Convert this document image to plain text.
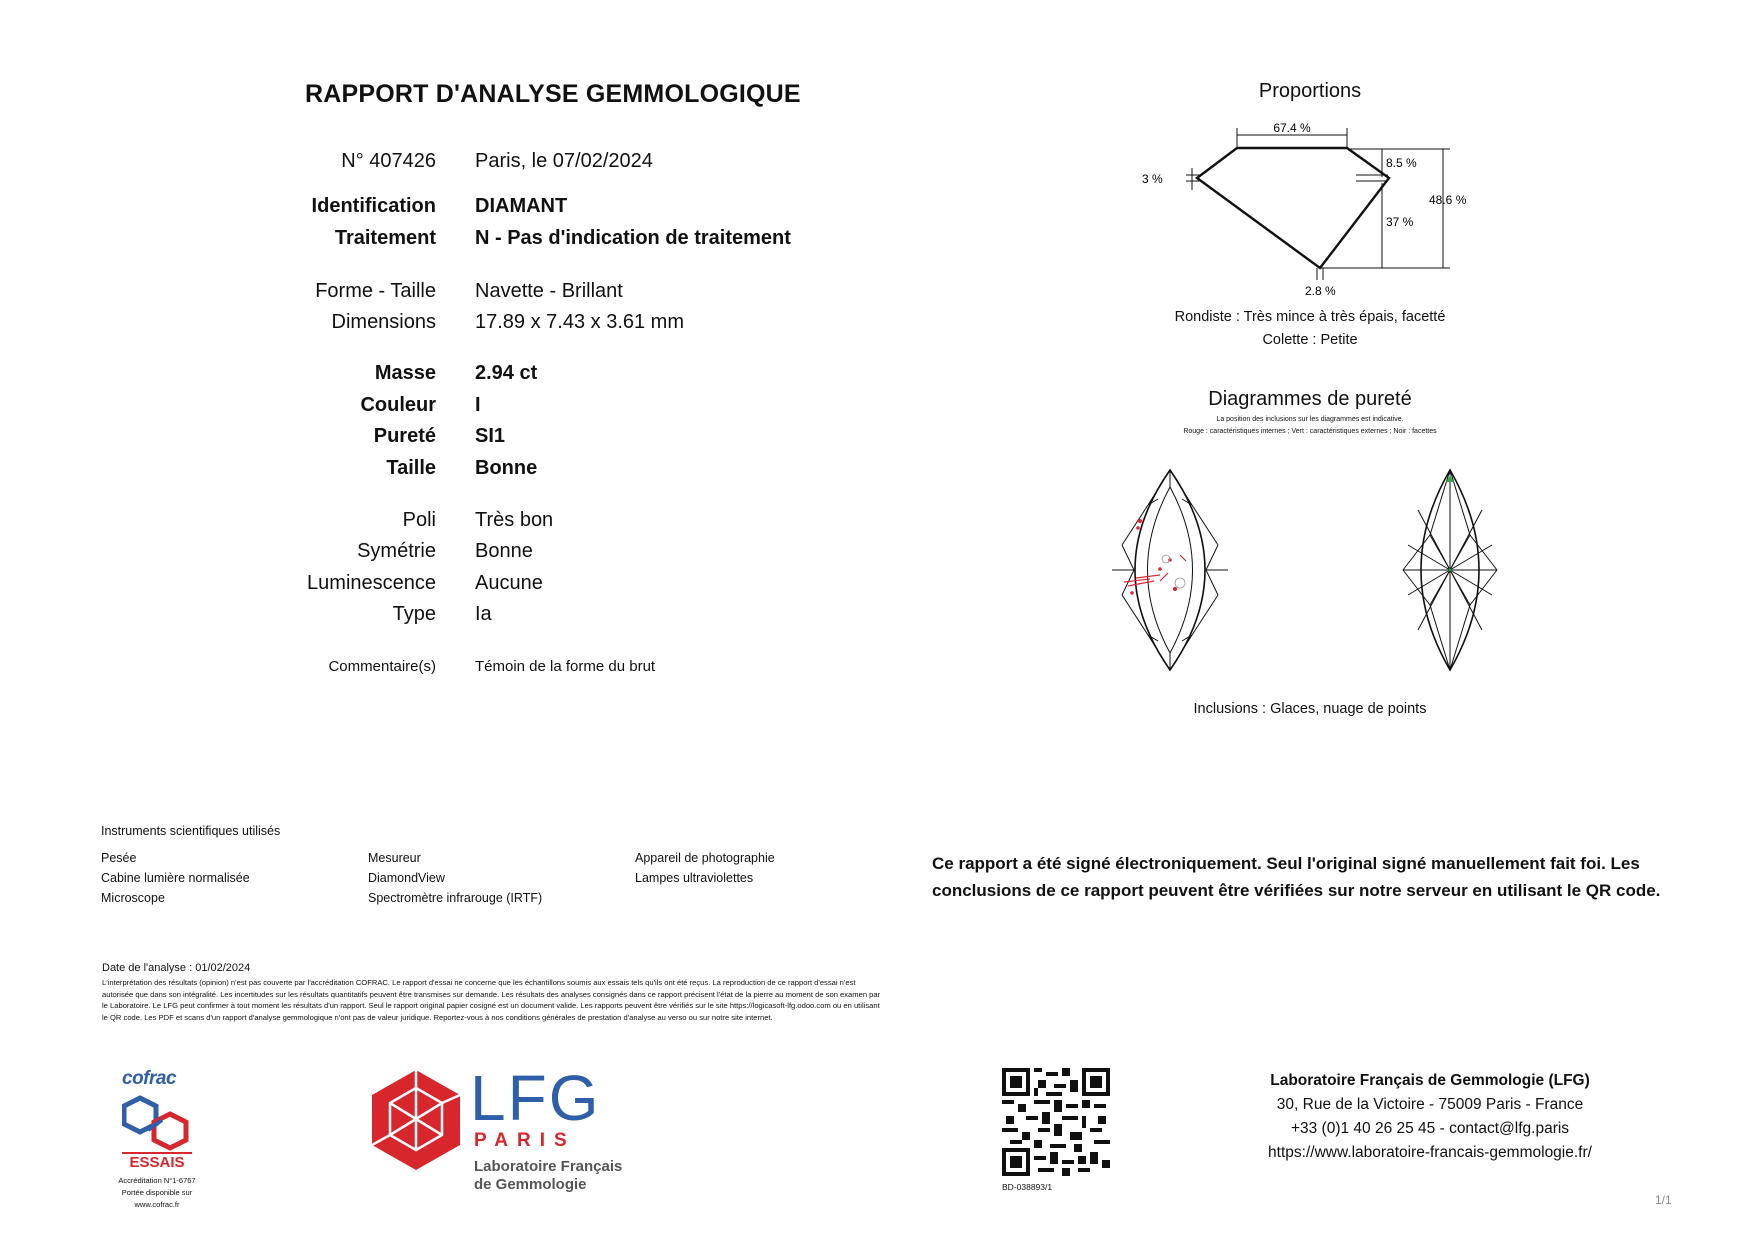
RAPPORT D'ANALYSE GEMMOLOGIQUE
N° 407426 Paris, le 07/02/2024
Identification DIAMANT
Traitement N - Pas d'indication de traitement
Forme - Taille Navette - Brillant
Dimensions 17.89 x 7.43 x 3.61 mm
Masse 2.94 ct
Couleur I
Pureté SI1
Taille Bonne
Poli Très bon
Symétrie Bonne
Luminescence Aucune
Type Ia
Commentaire(s)	Témoin de la forme du brut
Proportions
67.4 %
3 %
8.5 %
48.6 %
37 %
2.8 %
Rondiste : Très mince à très épais, facetté
Colette : Petite
Diagrammes de pureté
La position des inclusions sur les diagrammes est indicative.
Rouge : caractéristiques internes ; Vert : caractéristiques externes ; Noir : facettes
Inclusions : Glaces, nuage de points
Instruments scientifiques utilisés
Pesée
Cabine lumière normalisée
Microscope
Mesureur
DiamondView
Spectromètre infrarouge (IRTF)
Appareil de photographie
Lampes ultraviolettes
Ce rapport a été signé électroniquement. Seul l'original signé manuellement fait foi. Les conclusions de ce rapport peuvent être vérifiées sur notre serveur en utilisant le QR code.
Date de l'analyse : 01/02/2024
L'interprétation des résultats (opinion) n'est pas couverte par l'accréditation COFRAC. Le rapport d'essai ne concerne que les échantillons soumis aux essais tels qu'ils ont été reçus. La reproduction de ce rapport d'essai n'est autorisée que dans son intégralité. Les incertitudes sur les résultats quantitatifs peuvent être transmises sur demande. Les résultats des analyses consignés dans ce rapport précisent l'état de la pierre au moment de son examen par le Laboratoire. Le LFG peut confirmer à tout moment les résultats d'un rapport. Seul le rapport original papier cosigné est un document valide. Les rapports peuvent être vérifiés sur le site https://logicasoft-lfg.odoo.com ou en utilisant le QR code. Les PDF et scans d'un rapport d'analyse gemmologique n'ont pas de valeur juridique. Reportez-vous à nos conditions générales de prestation d'analyse au verso ou sur notre site internet.
cofrac
ESSAIS
Accréditation N°1-6767
Portée disponible sur
www.cofrac.fr
LFG
PARIS
Laboratoire Français
de Gemmologie	BD-038893/1
Laboratoire Français de Gemmologie (LFG)
30, Rue de la Victoire - 75009 Paris - France
+33 (0)1 40 26 25 45 - contact@lfg.paris
https://www.laboratoire-francais-gemmologie.fr/
1/1
